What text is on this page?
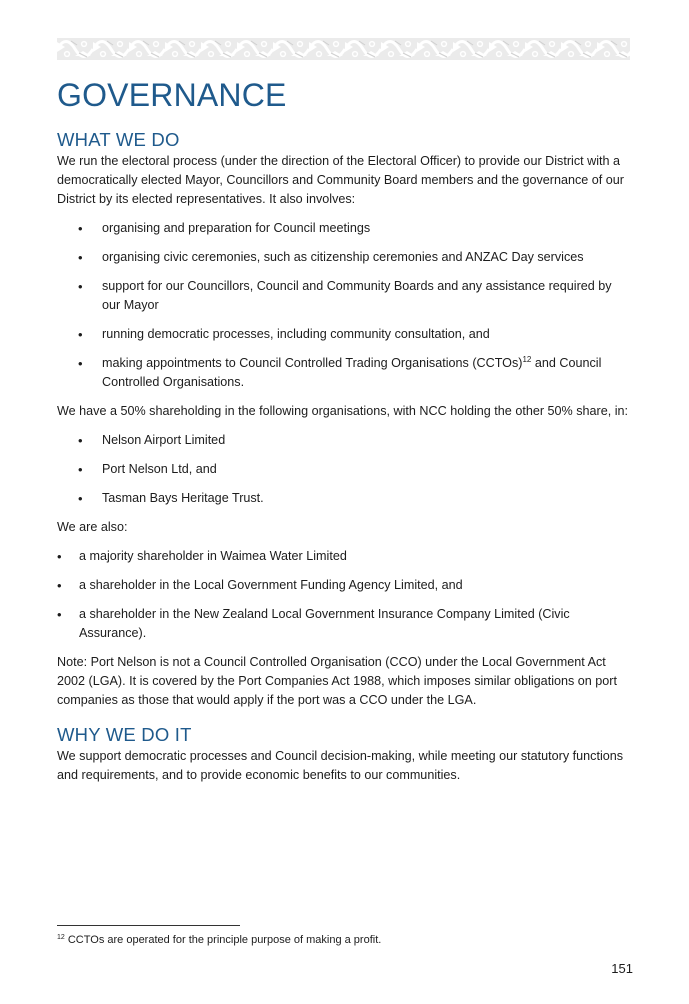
GOVERNANCE
WHAT WE DO

We run the electoral process (under the direction of the Electoral Officer) to provide our District with a democratically elected Mayor, Councillors and Community Board members and the governance of our District by its elected representatives. It also involves:

• organising and preparation for Council meetings
• organising civic ceremonies, such as citizenship ceremonies and ANZAC Day services
• support for our Councillors, Council and Community Boards and any assistance required by our Mayor
• running democratic processes, including community consultation, and
• making appointments to Council Controlled Trading Organisations (CCTOs)$^{12}$ and Council Controlled Organisations.

We have a 50% shareholding in the following organisations, with NCC holding the other 50% share, in:

• Nelson Airport Limited
• Port Nelson Ltd, and
• Tasman Bays Heritage Trust.

We are also:

• a majority shareholder in Waimea Water Limited
• a shareholder in the Local Government Funding Agency Limited, and
• a shareholder in the New Zealand Local Government Insurance Company Limited (Civic Assurance).

Note: Port Nelson is not a Council Controlled Organisation (CCO) under the Local Government Act 2002 (LGA). It is covered by the Port Companies Act 1988, which imposes similar obligations on port companies as those that would apply if the port was a CCO under the LGA.

WHY WE DO IT

We support democratic processes and Council decision-making, while meeting our statutory functions and requirements, and to provide economic benefits to our communities.

$^{12}$ CCTOs are operated for the principle purpose of making a profit.
151
